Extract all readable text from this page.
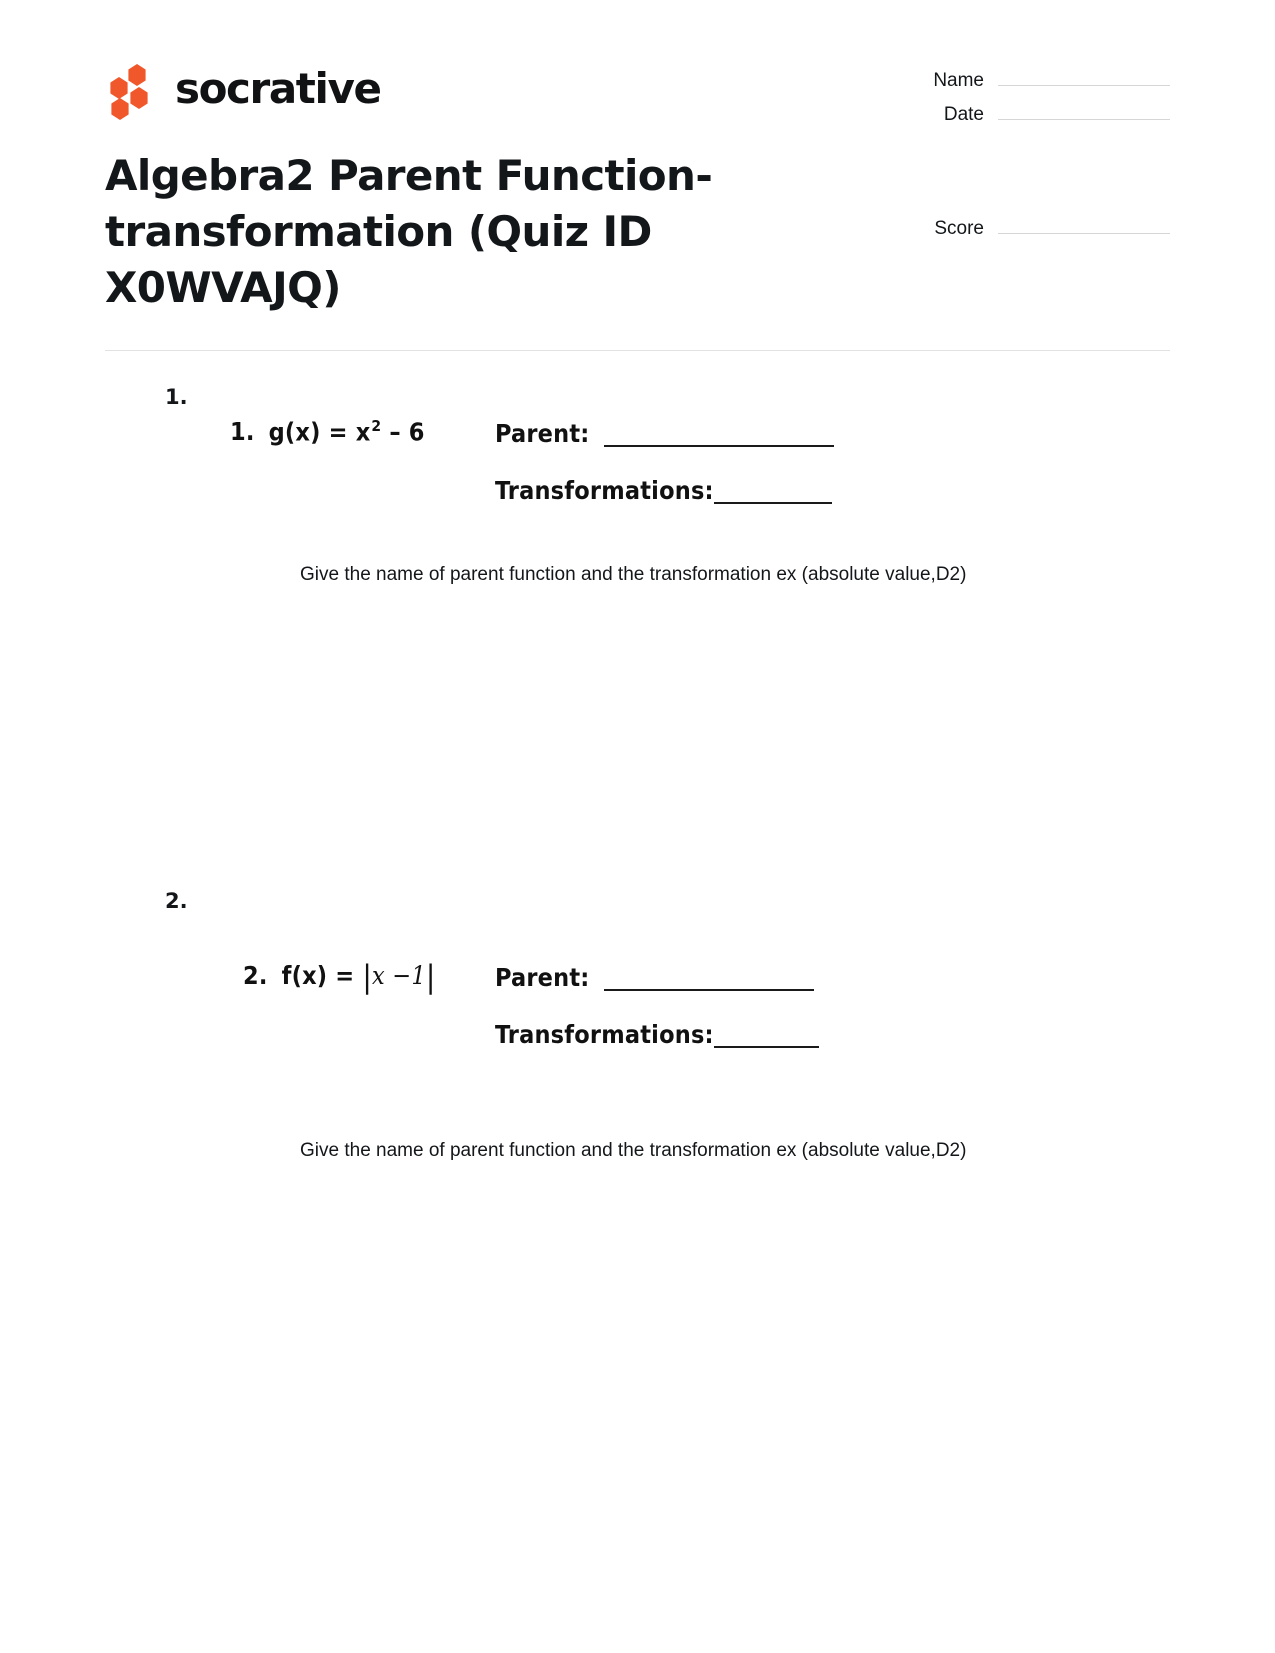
socrative	Name
Date
Algebra2 Parent Function-transformation (Quiz ID X0WVAJQ)
Score
1.
1. $g(x) = x^2 - 6$	Parent:
Transformations:
Give the name of parent function and the transformation ex (absolute value,D2)
2.
2. f(x) = |x −1|	Parent:
Transformations:
Give the name of parent function and the transformation ex (absolute value,D2)
